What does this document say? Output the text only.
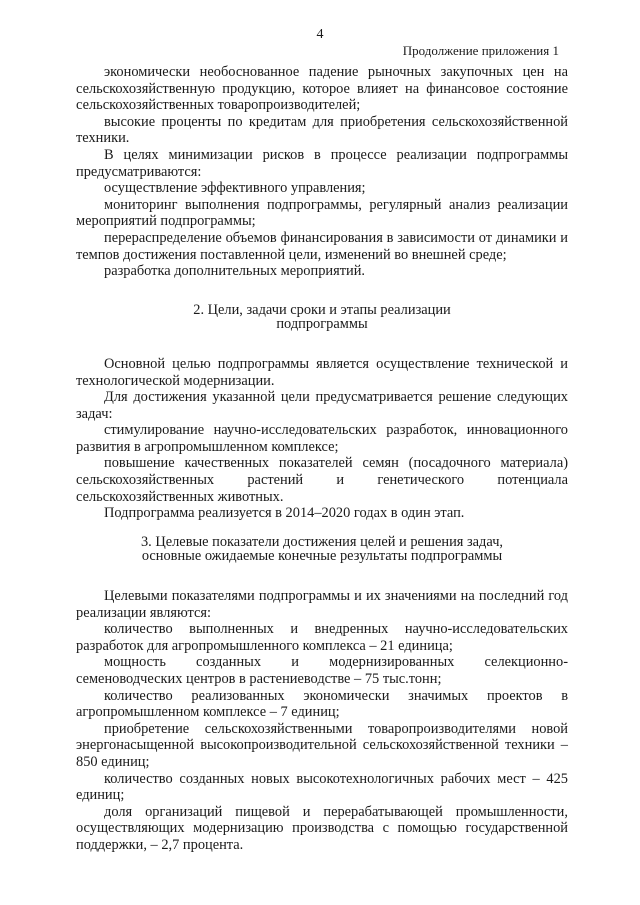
4
Продолжение приложения 1

экономически необоснованное падение рыночных закупочных цен на сельскохозяйственную продукцию, которое влияет на финансовое состояние сельскохозяйственных товаропроизводителей;

высокие проценты по кредитам для приобретения сельскохозяйственной техники.

В целях минимизации рисков в процессе реализации подпрограммы предусматриваются:

осуществление эффективного управления;

мониторинг выполнения подпрограммы, регулярный анализ реализации мероприятий подпрограммы;

перераспределение объемов финансирования в зависимости от динамики и темпов достижения поставленной цели, изменений во внешней среде;

разработка дополнительных мероприятий.

2. Цели, задачи сроки и этапы реализации

подпрограммы

Основной целью подпрограммы является осуществление технической и технологической модернизации.

Для достижения указанной цели предусматривается решение следующих задач:

стимулирование научно-исследовательских разработок, инновационного развития в агропромышленном комплексе;

повышение качественных показателей семян (посадочного материала) сельскохозяйственных растений и генетического потенциала сельскохозяйственных животных.

Подпрограмма реализуется в 2014–2020 годах в один этап.

3. Целевые показатели достижения целей и решения задач,

основные ожидаемые конечные результаты подпрограммы

Целевыми показателями подпрограммы и их значениями на последний год реализации являются:

количество выполненных и внедренных научно-исследовательских разработок для агропромышленного комплекса – 21 единица;

мощность созданных и модернизированных селекционно-семеноводческих центров в растениеводстве – 75 тыс.тонн;

количество реализованных экономически значимых проектов в агропромышленном комплексе – 7 единиц;

приобретение сельскохозяйственными товаропроизводителями новой энергонасыщенной высокопроизводительной сельскохозяйственной техники – 850 единиц;

количество созданных новых высокотехнологичных рабочих мест – 425 единиц;

доля организаций пищевой и перерабатывающей промышленности, осуществляющих модернизацию производства с помощью государственной поддержки, – 2,7 процента.
